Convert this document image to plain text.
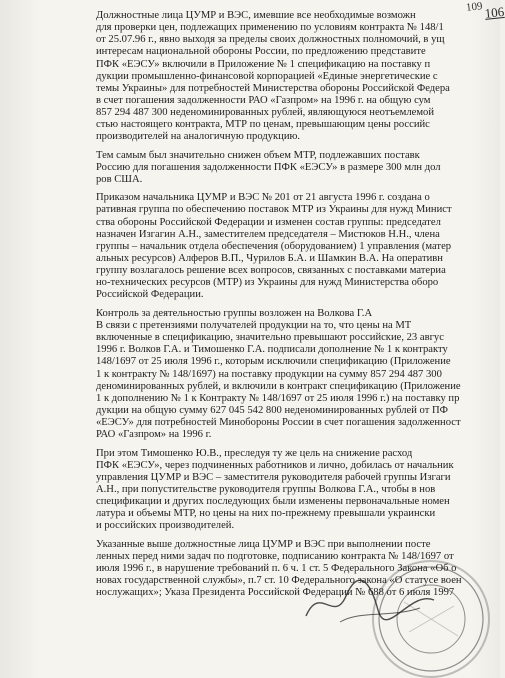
109 106
Должностные лица ЦУМР и ВЭС, имевшие все необходимые возможн
для проверки цен, подлежащих применению по условиям контракта № 148/1
от 25.07.96 г., явно выходя за пределы своих должностных полномочий, в ущ
интересам национальной обороны России, по предложению представите
ПФК «ЕЭСУ» включили в Приложение № 1 спецификацию на поставку п
дукции промышленно-финансовой корпорацией «Единые энергетические с
темы Украины» для потребностей Министерства обороны Российской Федера
в счет погашения задолженности РАО «Газпром» на 1996 г. на общую сум
857 294 487 300 неденоминированных рублей, являющуюся неотъемлемой
стью настоящего контракта, МТР по ценам, превышающим цены российс
производителей на аналогичную продукцию.
Тем самым был значительно снижен объем МТР, подлежавших поставк
Россию для погашения задолженности ПФК «ЕЭСУ» в размере 300 млн дол
ров США.
Приказом начальника ЦУМР и ВЭС № 201 от 21 августа 1996 г. создана о
ративная группа по обеспечению поставок МТР из Украины для нужд Минист
ства обороны Российской Федерации и изменен состав группы: председател
назначен Изгагин А.Н., заместителем председателя – Мистюков Н.Н., члена
группы – начальник отдела обеспечения (оборудованием) 1 управления (матер
альных ресурсов) Алферов В.П., Чурилов Б.А. и Шамкин В.А. На оперативн
группу возлагалось решение всех вопросов, связанных с поставками материа
но-технических ресурсов (МТР) из Украины для нужд Министерства оборо
Российской Федерации.
Контроль за деятельностью группы возложен на Волкова Г.А
В связи с претензиями получателей продукции на то, что цены на МТ
включенные в спецификацию, значительно превышают российские, 23 авгус
1996 г. Волков Г.А. и Тимошенко Г.А. подписали дополнение № 1 к контракту
148/1697 от 25 июля 1996 г., которым исключили спецификацию (Приложение
1 к контракту № 148/1697) на поставку продукции на сумму 857 294 487 300
деноминированных рублей, и включили в контракт спецификацию (Приложение
1 к дополнению № 1 к Контракту № 148/1697 от 25 июля 1996 г.) на поставку пр
дукции на общую сумму 627 045 542 800 неденоминированных рублей от ПФ
«ЕЭСУ» для потребностей Минобороны России в счет погашения задолженност
РАО «Газпром» на 1996 г.
При этом Тимошенко Ю.В., преследуя ту же цель на снижение расход
ПФК «ЕЭСУ», через подчиненных работников и лично, добилась от начальник
управления ЦУМР и ВЭС – заместителя руководителя рабочей группы Изгаги
А.Н., при попустительстве руководителя группы Волкова Г.А., чтобы в нов
спецификации и других последующих были изменены первоначальные номен
латура и объемы МТР, но цены на них по-прежнему превышали украински
и российских производителей.
Указанные выше должностные лица ЦУМР и ВЭС при выполнении посте
ленных перед ними задач по подготовке, подписанию контракта № 148/1697 от
июля 1996 г., в нарушение требований п. 6 ч. 1 ст. 5 Федерального Закона «Об о
новах государственной службы», п.7 ст. 10 Федерального закона «О статусе воен
нослужащих»; Указа Президента Российской Федерации № 688 от 6 июля 1997
